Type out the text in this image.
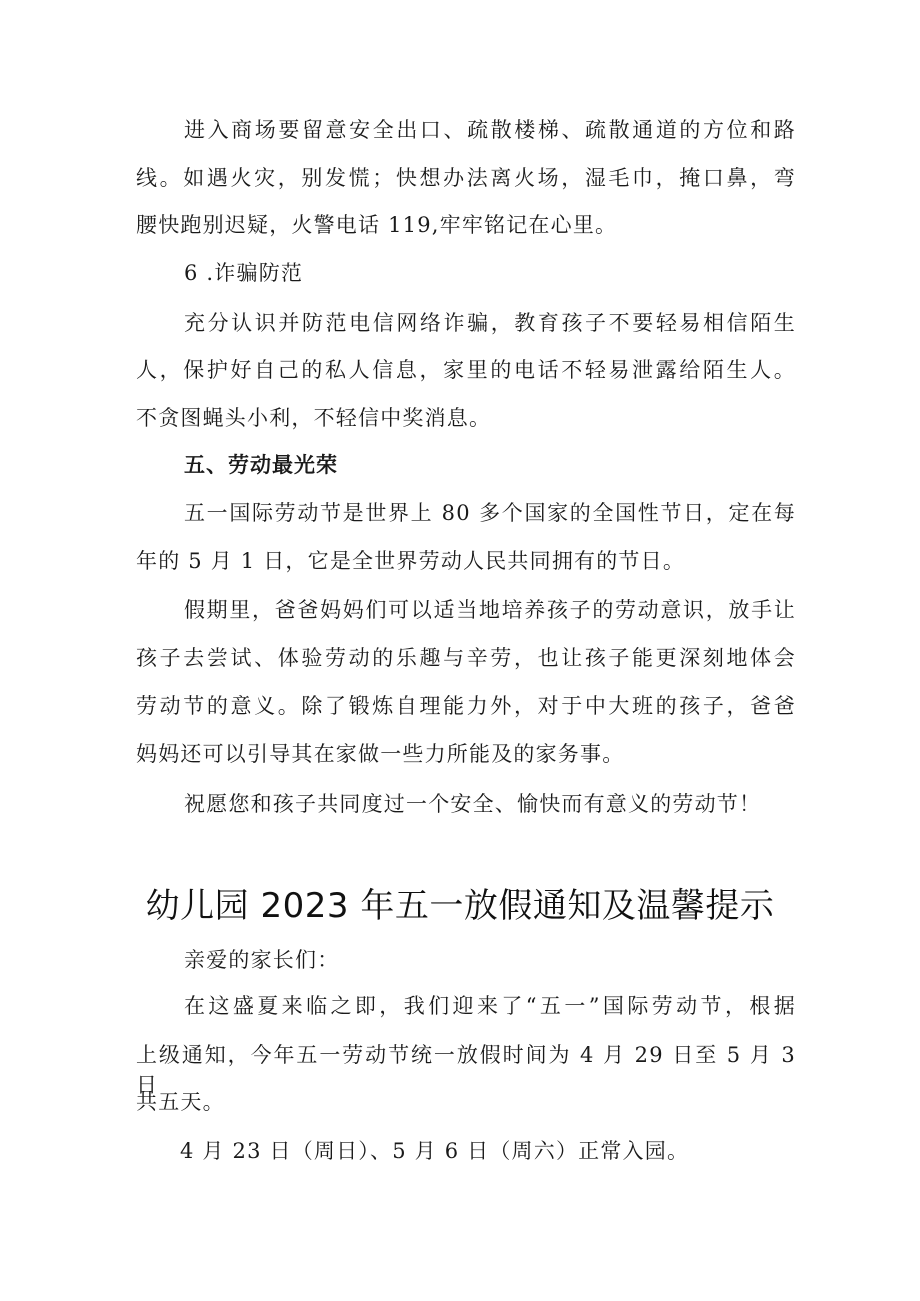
进入商场要留意安全出口、疏散楼梯、疏散通道的方位和路
线。如遇火灾，别发慌；快想办法离火场，湿毛巾，掩口鼻，弯
腰快跑别迟疑，火警电话 119,牢牢铭记在心里。
6 .诈骗防范
充分认识并防范电信网络诈骗，教育孩子不要轻易相信陌生
人，保护好自己的私人信息，家里的电话不轻易泄露给陌生人。
不贪图蝇头小利，不轻信中奖消息。
五、劳动最光荣
五一国际劳动节是世界上 80 多个国家的全国性节日，定在每
年的 5 月 1 日，它是全世界劳动人民共同拥有的节日。
假期里，爸爸妈妈们可以适当地培养孩子的劳动意识，放手让
孩子去尝试、体验劳动的乐趣与辛劳，也让孩子能更深刻地体会
劳动节的意义。除了锻炼自理能力外，对于中大班的孩子，爸爸
妈妈还可以引导其在家做一些力所能及的家务事。
祝愿您和孩子共同度过一个安全、愉快而有意义的劳动节！
幼儿园 2023 年五一放假通知及温馨提示
亲爱的家长们：
在这盛夏来临之即，我们迎来了“五一”国际劳动节，根据
上级通知，今年五一劳动节统一放假时间为 4 月 29 日至 5 月 3 日
共五天。
4 月 23 日（周日）、5 月 6 日（周六）正常入园。
